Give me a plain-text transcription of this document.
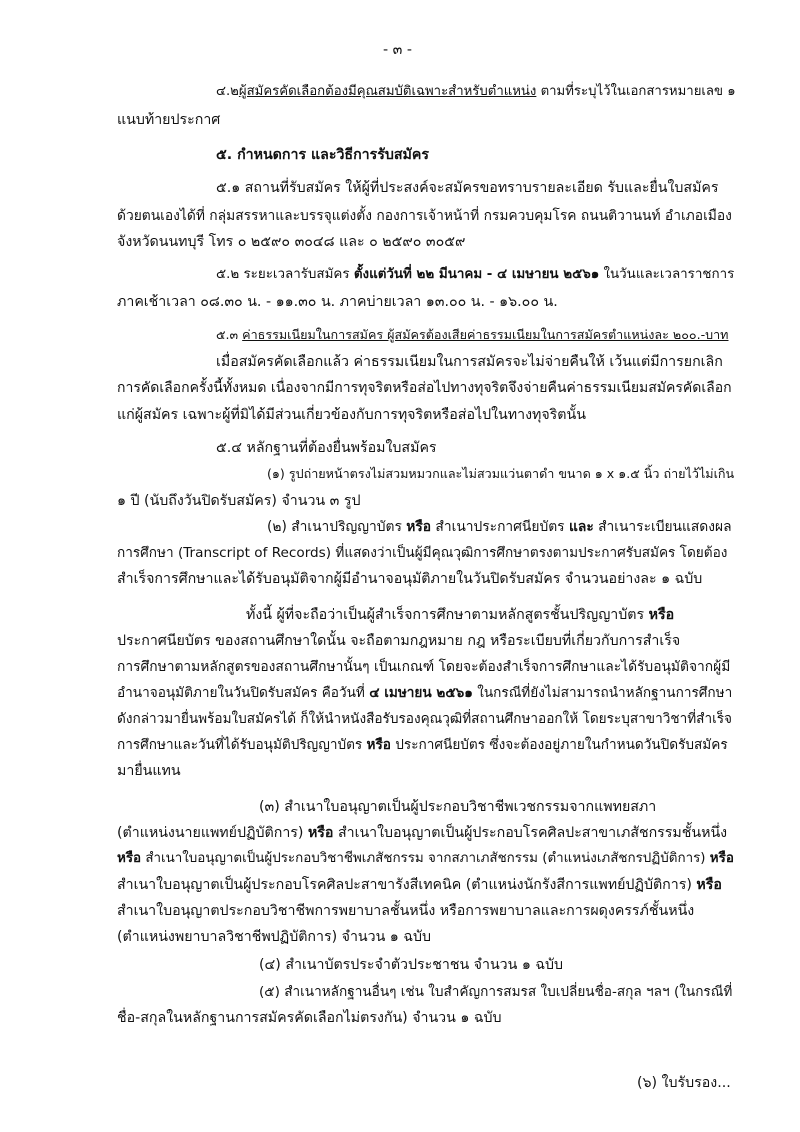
- ๓ -
๔.๒ผู้สมัครคัดเลือกต้องมีคุณสมบัติเฉพาะสำหรับตำแหน่ง ตามที่ระบุไว้ในเอกสารหมายเลข ๑
แนบท้ายประกาศ
๕. กำหนดการ และวิธีการรับสมัคร
๕.๑ สถานที่รับสมัคร ให้ผู้ที่ประสงค์จะสมัครขอทราบรายละเอียด รับและยื่นใบสมัคร
ด้วยตนเองได้ที่ กลุ่มสรรหาและบรรจุแต่งตั้ง กองการเจ้าหน้าที่ กรมควบคุมโรค ถนนติวานนท์ อำเภอเมือง
จังหวัดนนทบุรี โทร ๐ ๒๕๙๐ ๓๐๔๘ และ ๐ ๒๕๙๐ ๓๐๕๙
๕.๒ ระยะเวลารับสมัคร ตั้งแต่วันที่ ๒๒ มีนาคม - ๔ เมษายน ๒๕๖๑ ในวันและเวลาราชการ
ภาคเช้าเวลา ๐๘.๓๐ น. - ๑๑.๓๐ น. ภาคบ่ายเวลา ๑๓.๐๐ น. - ๑๖.๐๐ น.
๕.๓ ค่าธรรมเนียมในการสมัคร ผู้สมัครต้องเสียค่าธรรมเนียมในการสมัครตำแหน่งละ ๒๐๐.-บาท
เมื่อสมัครคัดเลือกแล้ว ค่าธรรมเนียมในการสมัครจะไม่จ่ายคืนให้ เว้นแต่มีการยกเลิก
การคัดเลือกครั้งนี้ทั้งหมด เนื่องจากมีการทุจริตหรือส่อไปทางทุจริตจึงจ่ายคืนค่าธรรมเนียมสมัครคัดเลือก
แก่ผู้สมัคร เฉพาะผู้ที่มิได้มีส่วนเกี่ยวข้องกับการทุจริตหรือส่อไปในทางทุจริตนั้น
๕.๔ หลักฐานที่ต้องยื่นพร้อมใบสมัคร
(๑) รูปถ่ายหน้าตรงไม่สวมหมวกและไม่สวมแว่นตาดำ ขนาด ๑ x ๑.๕ นิ้ว ถ่ายไว้ไม่เกิน
๑ ปี (นับถึงวันปิดรับสมัคร) จำนวน ๓ รูป
(๒) สำเนาปริญญาบัตร หรือ สำเนาประกาศนียบัตร และ สำเนาระเบียนแสดงผล
การศึกษา (Transcript of Records) ที่แสดงว่าเป็นผู้มีคุณวุฒิการศึกษาตรงตามประกาศรับสมัคร โดยต้อง
สำเร็จการศึกษาและได้รับอนุมัติจากผู้มีอำนาจอนุมัติภายในวันปิดรับสมัคร จำนวนอย่างละ ๑ ฉบับ
ทั้งนี้ ผู้ที่จะถือว่าเป็นผู้สำเร็จการศึกษาตามหลักสูตรชั้นปริญญาบัตร หรือ
ประกาศนียบัตร ของสถานศึกษาใดนั้น จะถือตามกฎหมาย กฎ หรือระเบียบที่เกี่ยวกับการสำเร็จ
การศึกษาตามหลักสูตรของสถานศึกษานั้นๆ เป็นเกณฑ์ โดยจะต้องสำเร็จการศึกษาและได้รับอนุมัติจากผู้มี
อำนาจอนุมัติภายในวันปิดรับสมัคร คือวันที่ ๔ เมษายน ๒๕๖๑ ในกรณีที่ยังไม่สามารถนำหลักฐานการศึกษา
ดังกล่าวมายื่นพร้อมใบสมัครได้ ก็ให้นำหนังสือรับรองคุณวุฒิที่สถานศึกษาออกให้ โดยระบุสาขาวิชาที่สำเร็จ
การศึกษาและวันที่ได้รับอนุมัติปริญญาบัตร หรือ ประกาศนียบัตร ซึ่งจะต้องอยู่ภายในกำหนดวันปิดรับสมัคร
มายื่นแทน
(๓) สำเนาใบอนุญาตเป็นผู้ประกอบวิชาชีพเวชกรรมจากแพทยสภา
(ตำแหน่งนายแพทย์ปฏิบัติการ) หรือ สำเนาใบอนุญาตเป็นผู้ประกอบโรคศิลปะสาขาเภสัชกรรมชั้นหนึ่ง
หรือ สำเนาใบอนุญาตเป็นผู้ประกอบวิชาชีพเภสัชกรรม จากสภาเภสัชกรรม (ตำแหน่งเภสัชกรปฏิบัติการ) หรือ
สำเนาใบอนุญาตเป็นผู้ประกอบโรคศิลปะสาขารังสีเทคนิค (ตำแหน่งนักรังสีการแพทย์ปฏิบัติการ) หรือ
สำเนาใบอนุญาตประกอบวิชาชีพการพยาบาลชั้นหนึ่ง หรือการพยาบาลและการผดุงครรภ์ชั้นหนึ่ง
(ตำแหน่งพยาบาลวิชาชีพปฏิบัติการ) จำนวน ๑ ฉบับ
(๔) สำเนาบัตรประจำตัวประชาชน จำนวน ๑ ฉบับ
(๕) สำเนาหลักฐานอื่นๆ เช่น ใบสำคัญการสมรส ใบเปลี่ยนชื่อ-สกุล ฯลฯ (ในกรณีที่
ชื่อ-สกุลในหลักฐานการสมัครคัดเลือกไม่ตรงกัน) จำนวน ๑ ฉบับ
(๖) ใบรับรอง...
